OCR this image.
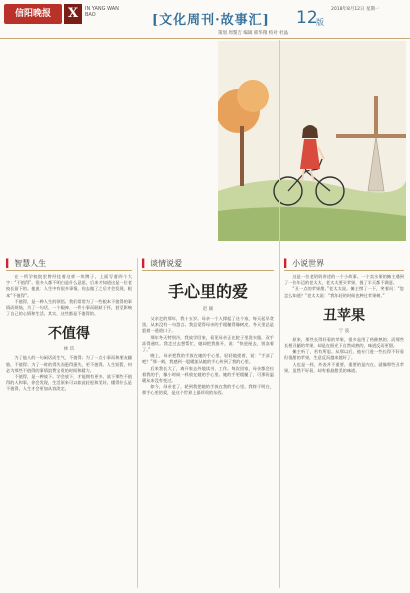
信阳晚报	X	IN YANG WAN BAO	[文化周刊·故事汇] 12
版
2018年8月12日 星期一
策划 周黎吉 编辑 邢华翔 校对 杜晶
▍ 智慧人生

在一所学校院里曾经挂着这样一块牌子，上面写着四个大字：“不值得”。很多人都不明白是什么意思，后来才知道这是一位老校长留下的。他说：人生中有很多事情，你去做了之后才会发现，根本“不值得”。

不值得，是一种人生的领悟。我们常常为了一些根本不值得的事情而烦恼，为了一句话、一个眼神、一件小事而耿耿于怀，甚至影响了自己的心情和生活。其实，这些都是不值得的。

不值得
林 玖

为了他人的一句闲话而生气，不值得；为了一点小事而和朋友翻脸，不值得；为了一时的得失而患得患失，更不值得。人生短暂，何必为那些不值得的事情浪费宝贵的时间和精力。

不值得，是一种放下。学会放下，才能拥有更多。放下那些不值得的人和事，你会发现，生活原来可以如此轻松和美好。懂得什么是不值得，人生才会更加从容淡定。

▍ 谈情说爱
手心里的爱
赵 颖

父亲走的那年，我十五岁。母亲一个人撑起了这个家，每天起早贪黑，从来没有一句怨言。我总觉得母亲的手粗糙得像树皮，冬天里总是裂着一道道口子。

那年冬天特别冷，我放学回家，看见母亲正在院子里洗衣服，双手冻得通红。我走过去想帮忙，她却把我推开，说：“快进屋去，别冻着了。”

晚上，母亲把我的手放在她的手心里，轻轻地搓着，说：“手凉了吧？”那一刻，我感到一股暖流从她的手心传到了我的心里。

后来我长大了，离开家去外地读书、工作。每次回家，母亲都会拉着我的手，像小时候一样放在她的手心里。她的手更粗糙了，可那份温暖从来没有变过。

如今，母亲老了，轮到我把她的手放在我的手心里。我终于明白，那手心里的爱，是这个世界上最珍贵的东西。

▍ 小说世界

这是一位老奶奶讲述的一个小故事。一个卖水果的摊主遇到了一位年迈的老太太，老太太要买苹果，挑了半天都不满意。

“丑一点的苹果甜。”老太太说。摊主愣了一下，笑着问：“您怎么知道？”老太太说：“我年轻的时候也种过苹果树。”

丑苹果
宁 波

原来，那些长得好看的苹果，很多是用了药催熟的；而那些长相丑陋的苹果，却是在阳光下自然成熟的，味道反而更甜。

摊主听了，若有所思。从那以后，他专门进一些长得不好看但很甜的苹果，生意反而越来越好了。

人也是一样，外表并不重要，重要的是内在。就像那些丑苹果，虽然不好看，却有着最甜美的味道。
